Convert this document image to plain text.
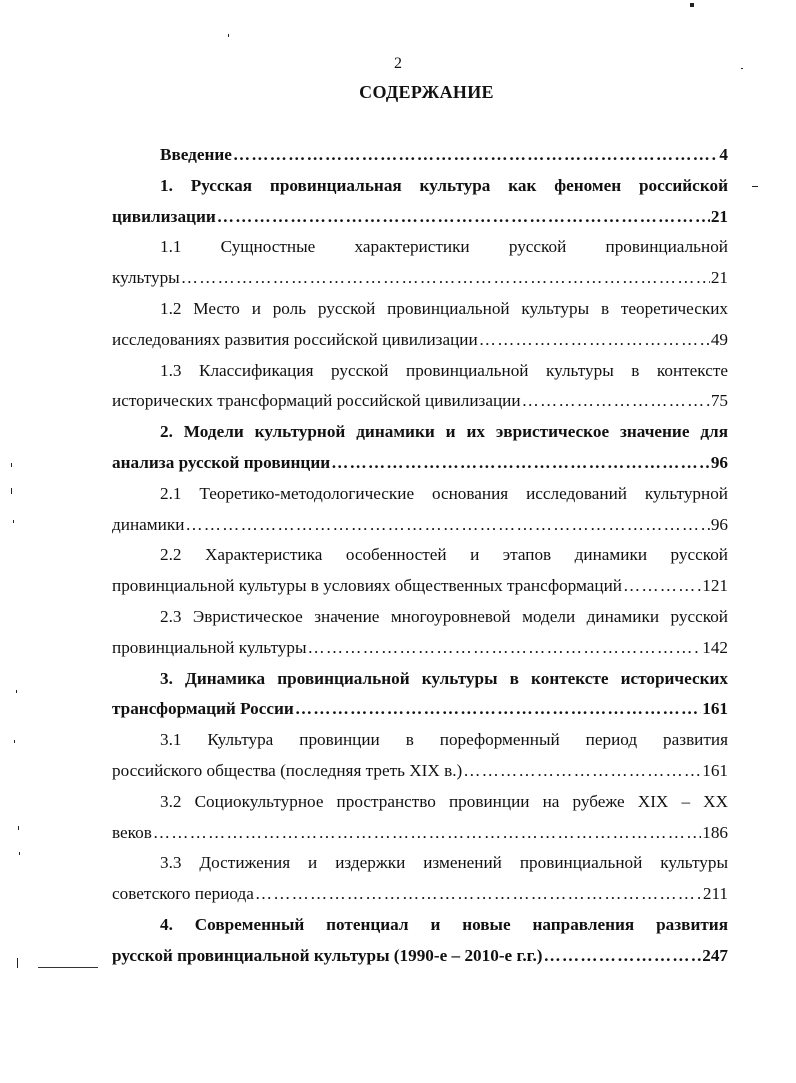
2
СОДЕРЖАНИЕ
Введение …………………………………………………………………………………………………………………………………………………………………………………………………………	4
1. Русская провинциальная культура как феномен российской
цивилизации …………………………………………………………………………………………………………………………………………………………………………………………………………	21
1.1 Сущностные характеристики русской провинциальной
культуры …………………………………………………………………………………………………………………………………………………………………………………………………………	21
1.2 Место и роль русской провинциальной культуры в теоретических
исследованиях развития российской цивилизации …………………………………………………………………………………………………………………………………………………………………………………………………………	49
1.3 Классификация русской провинциальной культуры в контексте
исторических трансформаций российской цивилизации …………………………………………………………………………………………………………………………………………………………………………………………………………	75
2. Модели культурной динамики и их эвристическое значение для
анализа русской провинции …………………………………………………………………………………………………………………………………………………………………………………………………………	96
2.1 Теоретико-методологические основания исследований культурной
динамики …………………………………………………………………………………………………………………………………………………………………………………………………………	96
2.2 Характеристика особенностей и этапов динамики русской
провинциальной культуры в условиях общественных трансформаций …………………………………………………………………………………………………………………………………………………………………………………………………………	121
2.3 Эвристическое значение многоуровневой модели динамики русской
провинциальной культуры …………………………………………………………………………………………………………………………………………………………………………………………………………	142
3. Динамика провинциальной культуры в контексте исторических
трансформаций России …………………………………………………………………………………………………………………………………………………………………………………………………………	161
3.1 Культура провинции в пореформенный период развития
российского общества (последняя треть XIX в.) …………………………………………………………………………………………………………………………………………………………………………………………………………	161
3.2 Социокультурное пространство провинции на рубеже XIX – XX
веков …………………………………………………………………………………………………………………………………………………………………………………………………………	186
3.3 Достижения и издержки изменений провинциальной культуры
советского периода …………………………………………………………………………………………………………………………………………………………………………………………………………	211
4. Современный потенциал и новые направления развития
русской провинциальной культуры (1990-е – 2010-е г.г.) …………………………………………………………………………………………………………………………………………………………………………………………………………	247
